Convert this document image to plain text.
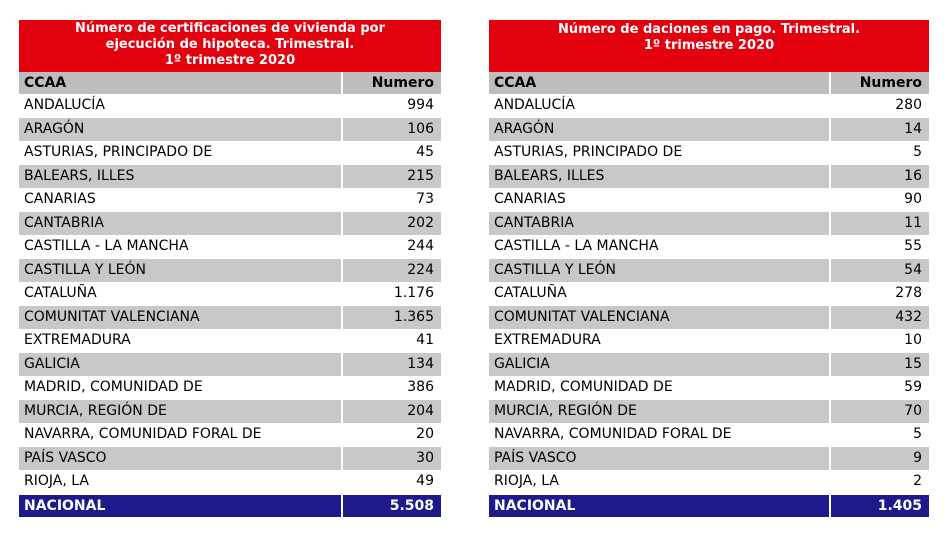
Número de certificaciones de vivienda por
ejecución de hipoteca. Trimestral.
1º trimestre 2020
CCAA	Numero
ANDALUCÍA	994
ARAGÓN	106
ASTURIAS, PRINCIPADO DE	45
BALEARS, ILLES	215
CANARIAS	73
CANTABRIA	202
CASTILLA - LA MANCHA	244
CASTILLA Y LEÓN	224
CATALUÑA	1.176
COMUNITAT VALENCIANA	1.365
EXTREMADURA	41
GALICIA	134
MADRID, COMUNIDAD DE	386
MURCIA, REGIÓN DE	204
NAVARRA, COMUNIDAD FORAL DE	20
PAÍS VASCO	30
RIOJA, LA	49
NACIONAL	5.508
Número de daciones en pago. Trimestral.
1º trimestre 2020
CCAA	Numero
ANDALUCÍA	280
ARAGÓN	14
ASTURIAS, PRINCIPADO DE	5
BALEARS, ILLES	16
CANARIAS	90
CANTABRIA	11
CASTILLA - LA MANCHA	55
CASTILLA Y LEÓN	54
CATALUÑA	278
COMUNITAT VALENCIANA	432
EXTREMADURA	10
GALICIA	15
MADRID, COMUNIDAD DE	59
MURCIA, REGIÓN DE	70
NAVARRA, COMUNIDAD FORAL DE	5
PAÍS VASCO	9
RIOJA, LA	2
NACIONAL	1.405
